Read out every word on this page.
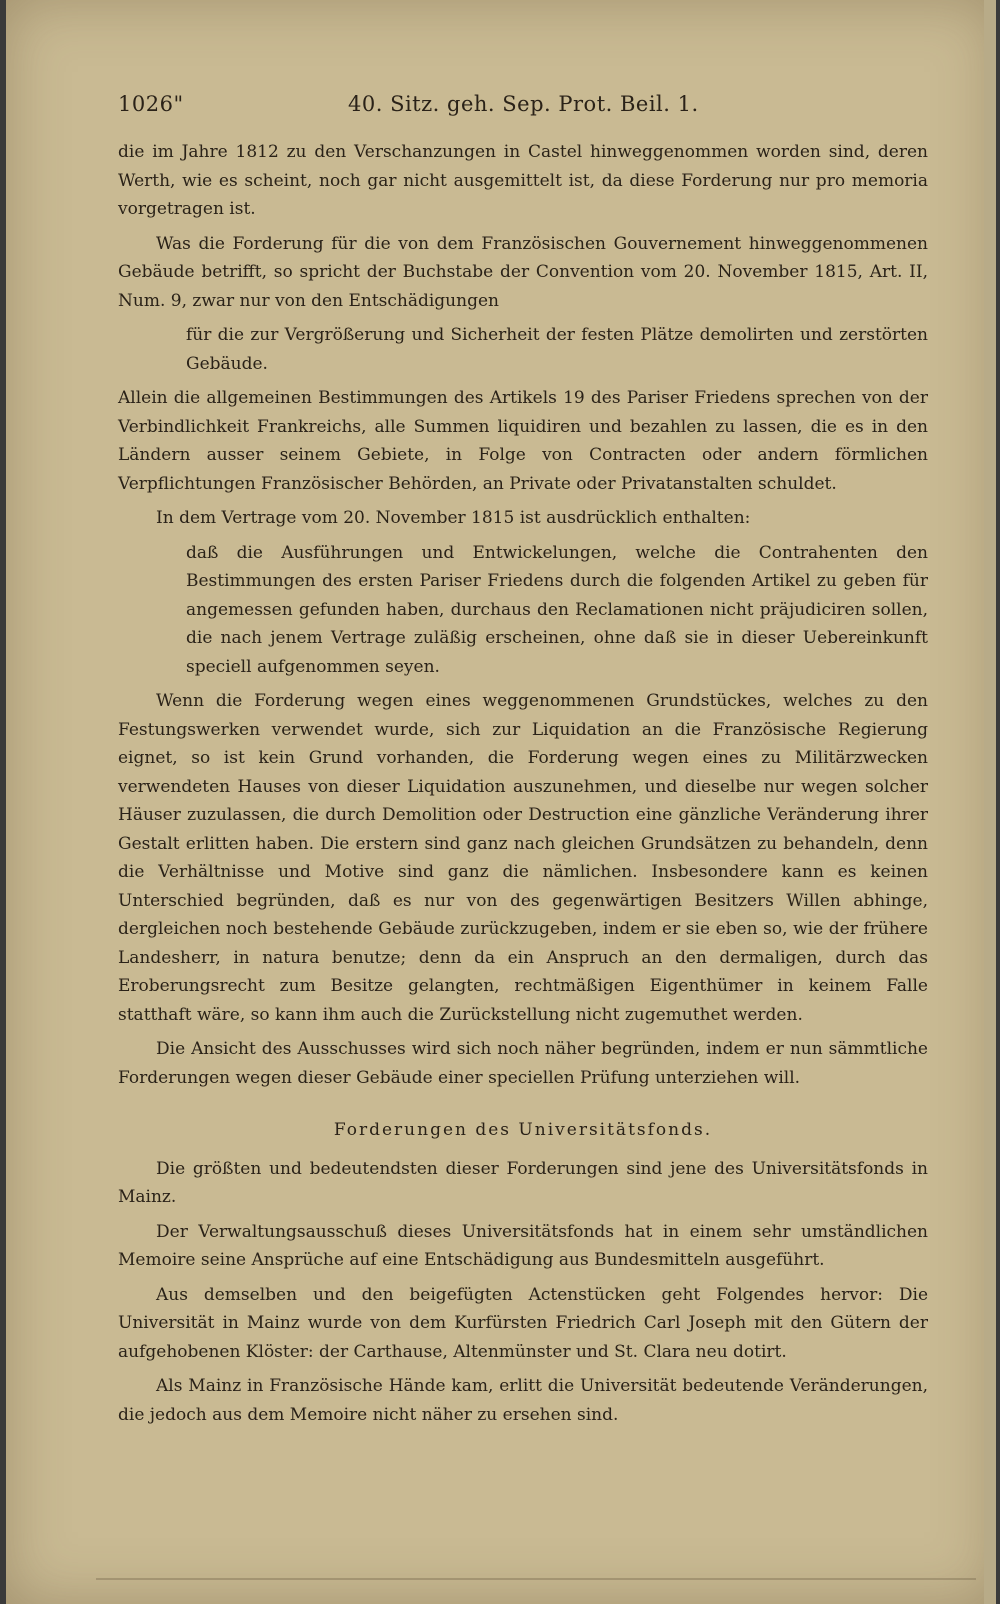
1026"	40. Sitz. geh. Sep. Prot. Beil. 1.

die im Jahre 1812 zu den Verschanzungen in Castel hinweggenommen worden sind, deren Werth, wie es scheint, noch gar nicht ausgemittelt ist, da diese Forderung nur pro memoria vorgetragen ist.

Was die Forderung für die von dem Französischen Gouvernement hinweggenommenen Gebäude betrifft, so spricht der Buchstabe der Convention vom 20. November 1815, Art. II, Num. 9, zwar nur von den Entschädigungen

für die zur Vergrößerung und Sicherheit der festen Plätze demolirten und zerstörten Gebäude.

Allein die allgemeinen Bestimmungen des Artikels 19 des Pariser Friedens sprechen von der Verbindlichkeit Frankreichs, alle Summen liquidiren und bezahlen zu lassen, die es in den Ländern ausser seinem Gebiete, in Folge von Contracten oder andern förmlichen Verpflichtungen Französischer Behörden, an Private oder Privatanstalten schuldet.

In dem Vertrage vom 20. November 1815 ist ausdrücklich enthalten:

daß die Ausführungen und Entwickelungen, welche die Contrahenten den Bestimmungen des ersten Pariser Friedens durch die folgenden Artikel zu geben für angemessen gefunden haben, durchaus den Reclamationen nicht präjudiciren sollen, die nach jenem Vertrage zuläßig erscheinen, ohne daß sie in dieser Uebereinkunft speciell aufgenommen seyen.

Wenn die Forderung wegen eines weggenommenen Grundstückes, welches zu den Festungswerken verwendet wurde, sich zur Liquidation an die Französische Regierung eignet, so ist kein Grund vorhanden, die Forderung wegen eines zu Militärzwecken verwendeten Hauses von dieser Liquidation auszunehmen, und dieselbe nur wegen solcher Häuser zuzulassen, die durch Demolition oder Destruction eine gänzliche Veränderung ihrer Gestalt erlitten haben. Die erstern sind ganz nach gleichen Grundsätzen zu behandeln, denn die Verhältnisse und Motive sind ganz die nämlichen. Insbesondere kann es keinen Unterschied begründen, daß es nur von des gegenwärtigen Besitzers Willen abhinge, dergleichen noch bestehende Gebäude zurückzugeben, indem er sie eben so, wie der frühere Landesherr, in natura benutze; denn da ein Anspruch an den dermaligen, durch das Eroberungsrecht zum Besitze gelangten, rechtmäßigen Eigenthümer in keinem Falle statthaft wäre, so kann ihm auch die Zurückstellung nicht zugemuthet werden.

Die Ansicht des Ausschusses wird sich noch näher begründen, indem er nun sämmtliche Forderungen wegen dieser Gebäude einer speciellen Prüfung unterziehen will.

Forderungen des Universitätsfonds.

Die größten und bedeutendsten dieser Forderungen sind jene des Universitätsfonds in Mainz.

Der Verwaltungsausschuß dieses Universitätsfonds hat in einem sehr umständlichen Memoire seine Ansprüche auf eine Entschädigung aus Bundesmitteln ausgeführt.

Aus demselben und den beigefügten Actenstücken geht Folgendes hervor: Die Universität in Mainz wurde von dem Kurfürsten Friedrich Carl Joseph mit den Gütern der aufgehobenen Klöster: der Carthause, Altenmünster und St. Clara neu dotirt.

Als Mainz in Französische Hände kam, erlitt die Universität bedeutende Veränderungen, die jedoch aus dem Memoire nicht näher zu ersehen sind.
